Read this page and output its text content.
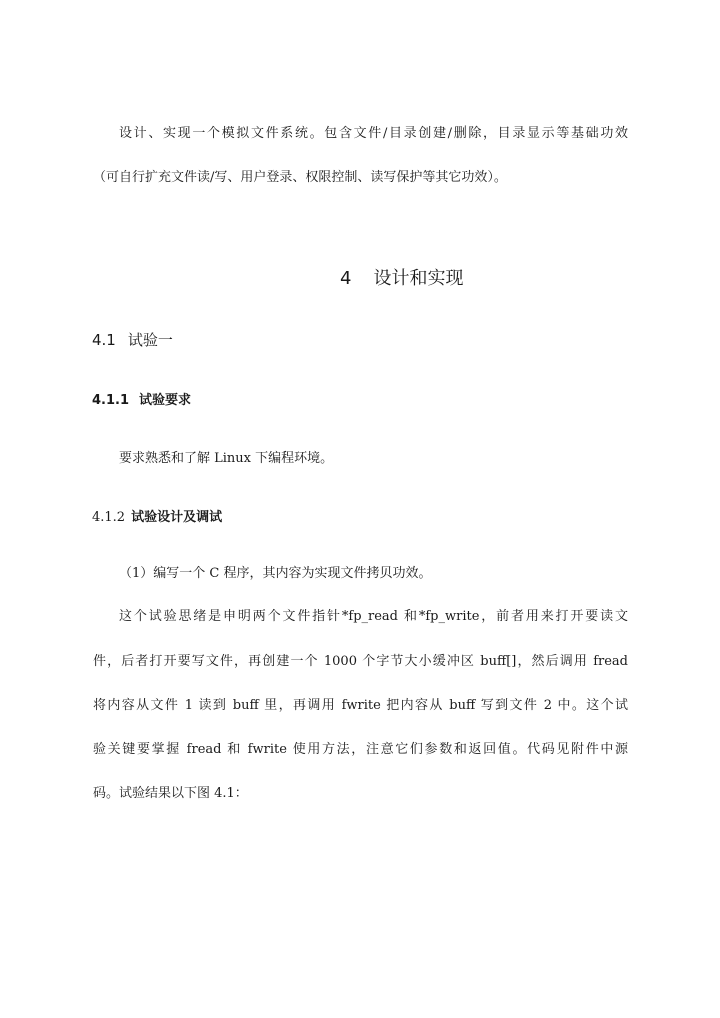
设计、实现一个模拟文件系统。包含文件/目录创建/删除，目录显示等基础功效
（可自行扩充文件读/写、用户登录、权限控制、读写保护等其它功效）。
4 设计和实现
4.1 试验一
4.1.1 试验要求
要求熟悉和了解 Linux 下编程环境。
4.1.2 试验设计及调试
（1）编写一个 C 程序，其内容为实现文件拷贝功效。
这个试验思绪是申明两个文件指针*fp_read 和*fp_write，前者用来打开要读文
件，后者打开要写文件，再创建一个 1000 个字节大小缓冲区 buff[]，然后调用 fread
将内容从文件 1 读到 buff 里，再调用 fwrite 把内容从 buff 写到文件 2 中。这个试
验关键要掌握 fread 和 fwrite 使用方法，注意它们参数和返回值。代码见附件中源
码。试验结果以下图 4.1：
